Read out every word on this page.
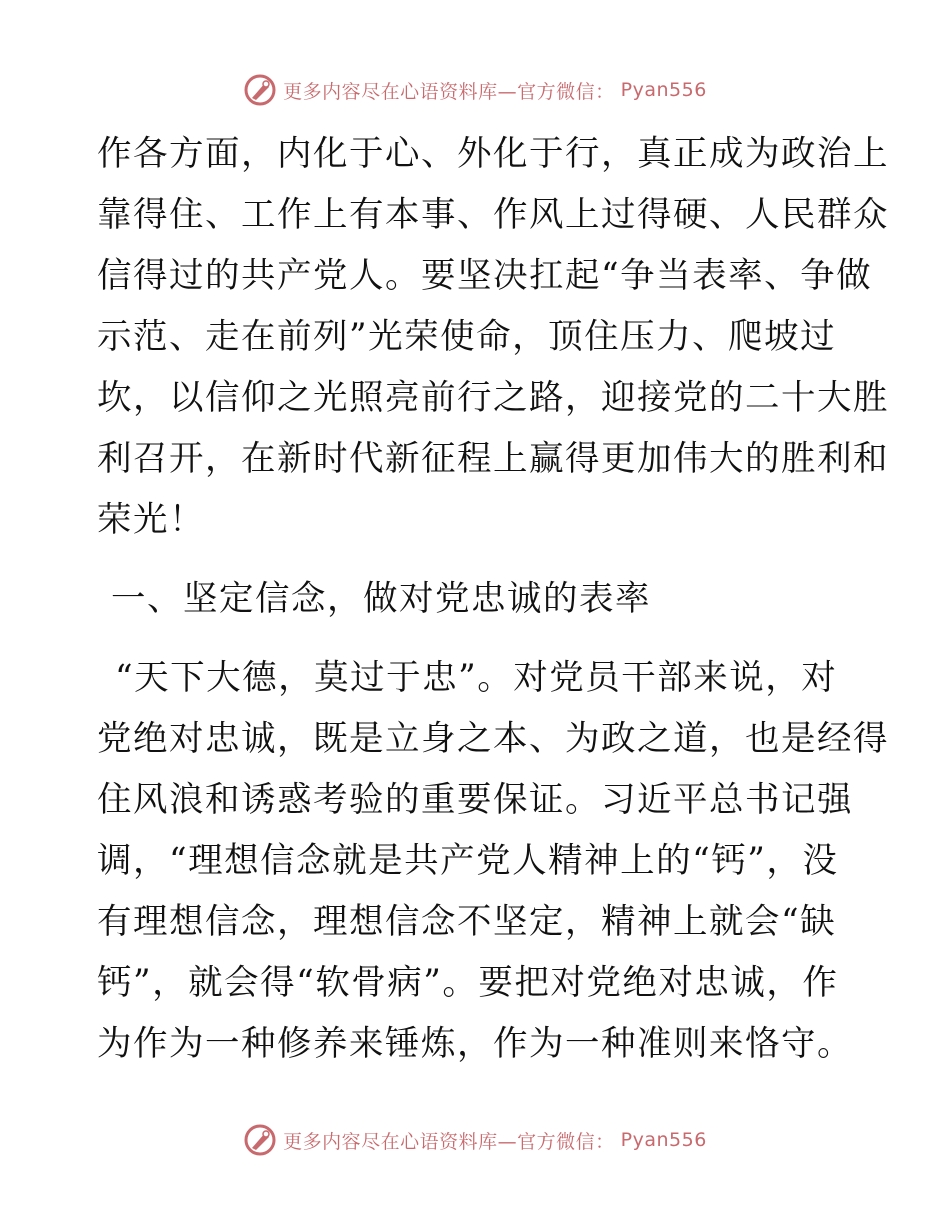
更多内容尽在心语资料库—官方微信： Pyan556
作各方面，内化于心、外化于行，真正成为政治上
靠得住、工作上有本事、作风上过得硬、人民群众
信得过的共产党人。要坚决扛起“争当表率、争做
示范、走在前列”光荣使命，顶住压力、爬坡过
坎，以信仰之光照亮前行之路，迎接党的二十大胜
利召开，在新时代新征程上赢得更加伟大的胜利和
荣光！
一、坚定信念，做对党忠诚的表率
“天下大德，莫过于忠”。对党员干部来说，对
党绝对忠诚，既是立身之本、为政之道，也是经得
住风浪和诱惑考验的重要保证。习近平总书记强
调，“理想信念就是共产党人精神上的“钙”，没
有理想信念，理想信念不坚定，精神上就会“缺
钙”，就会得“软骨病”。要把对党绝对忠诚，作
为作为一种修养来锤炼，作为一种准则来恪守。
更多内容尽在心语资料库—官方微信： Pyan556
